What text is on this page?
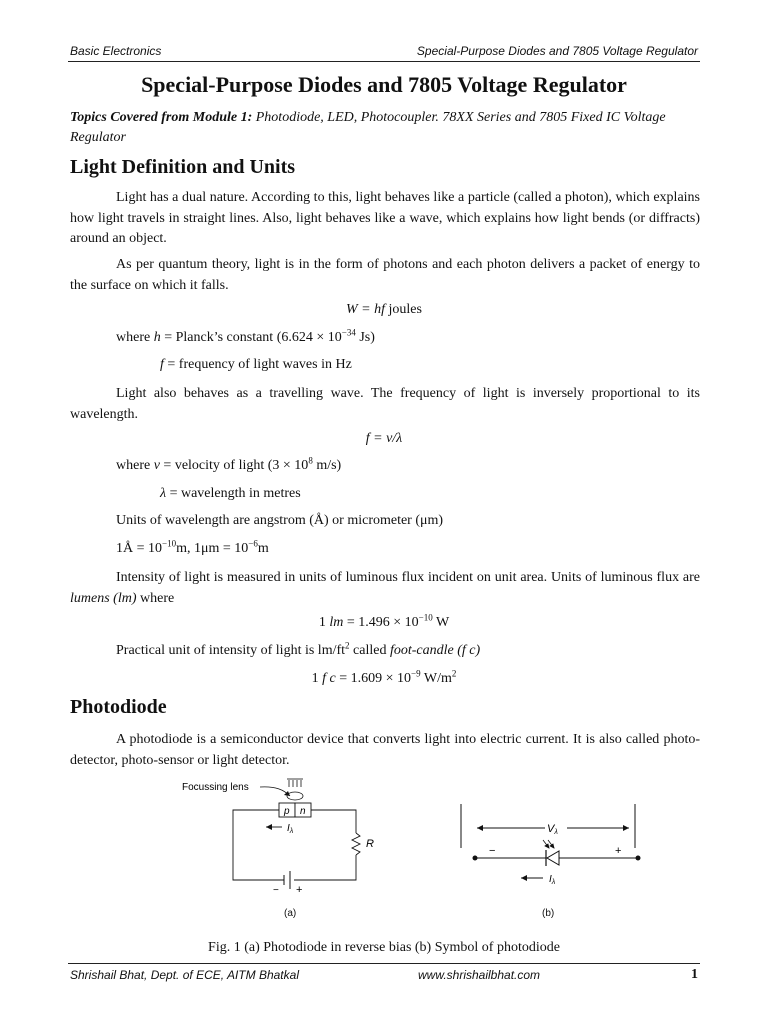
Basic Electronics	Special-Purpose Diodes and 7805 Voltage Regulator
Special-Purpose Diodes and 7805 Voltage Regulator
Topics Covered from Module 1: Photodiode, LED, Photocoupler. 78XX Series and 7805 Fixed IC Voltage Regulator
Light Definition and Units
Light has a dual nature. According to this, light behaves like a particle (called a photon), which explains how light travels in straight lines. Also, light behaves like a wave, which explains how light bends (or diffracts) around an object.
As per quantum theory, light is in the form of photons and each photon delivers a packet of energy to the surface on which it falls.
W = hf joules
where h = Planck’s constant ($6.624 \times 10^{-34}$ Js)
f = frequency of light waves in Hz
Light also behaves as a travelling wave. The frequency of light is inversely proportional to its wavelength.
f = v/λ
where v = velocity of light ($3 \times 10^8$ m/s)
λ = wavelength in metres
Units of wavelength are angstrom (Å) or micrometer (μm)
1Å = $10^{-10}m$, $1\mu m = 10^{-6}m$
Intensity of light is measured in units of luminous flux incident on unit area. Units of luminous flux are lumens (lm) where
1 lm = $1.496 \times 10^{-10}$ W
Practical unit of intensity of light is $lm/ft^2$ called foot-candle (f c)
1 f $c = 1.609 \times 10^{-9}$ $W/m^2$
Photodiode
A photodiode is a semiconductor device that converts light into electric current. It is also called photo-detector, photo-sensor or light detector.
Focussing lens
p n
R
− +
$I_\lambda$	Vλ
−	+
$I_\lambda$
(a)	(b)
Fig. 1 (a) Photodiode in reverse bias (b) Symbol of photodiode
Shrishail Bhat, Dept. of ECE, AITM Bhatkal	www.shrishailbhat.com	1
